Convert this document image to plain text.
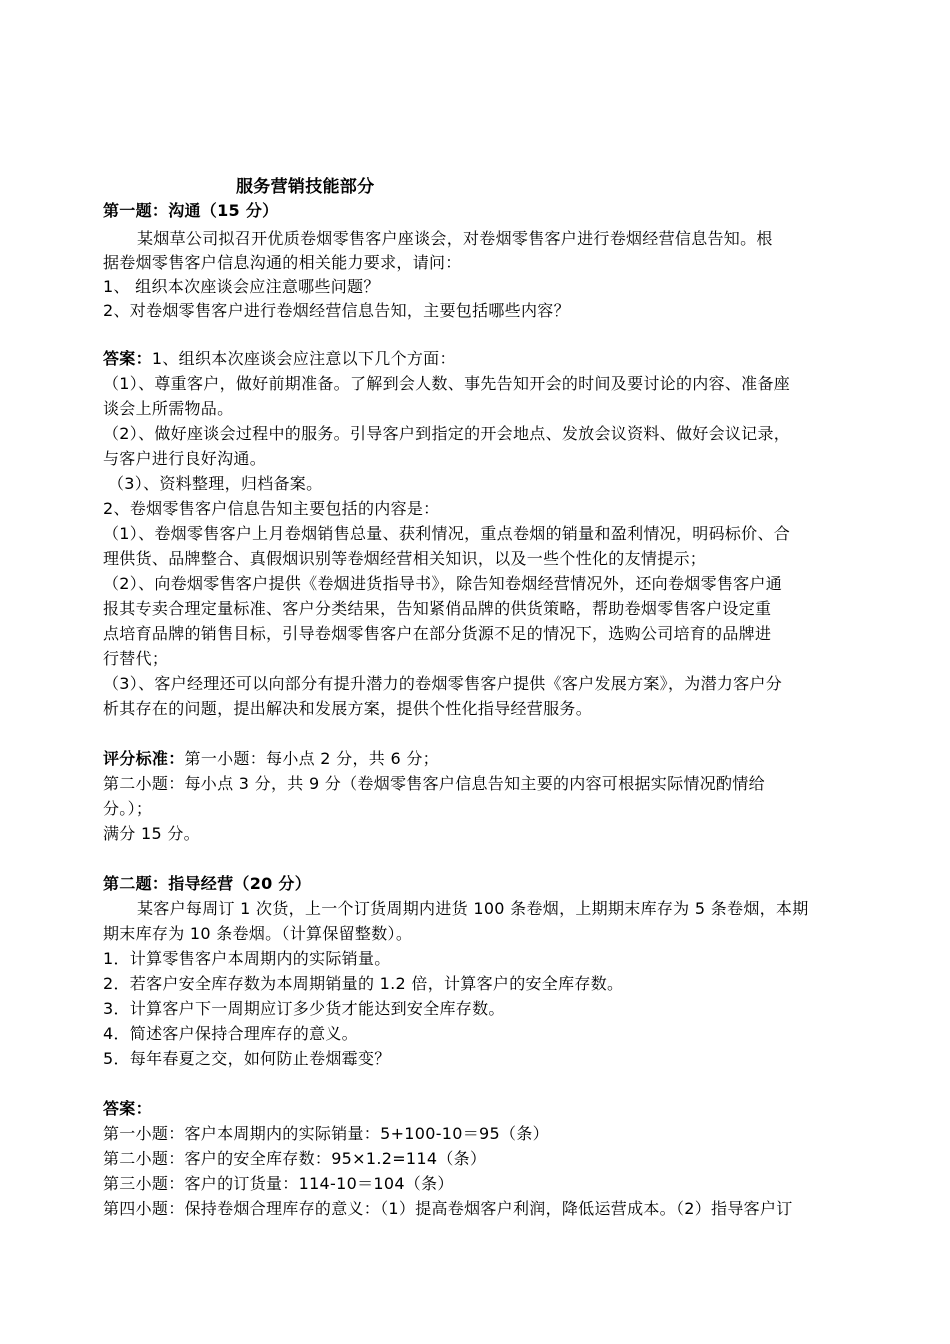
服务营销技能部分
第一题：沟通（15 分）
某烟草公司拟召开优质卷烟零售客户座谈会，对卷烟零售客户进行卷烟经营信息告知。根
据卷烟零售客户信息沟通的相关能力要求，请问：
1、 组织本次座谈会应注意哪些问题？
2、对卷烟零售客户进行卷烟经营信息告知，主要包括哪些内容？
答案：1、组织本次座谈会应注意以下几个方面：
（1）、尊重客户，做好前期准备。了解到会人数、事先告知开会的时间及要讨论的内容、准备座
谈会上所需物品。
（2）、做好座谈会过程中的服务。引导客户到指定的开会地点、发放会议资料、做好会议记录，
与客户进行良好沟通。
（3）、资料整理，归档备案。
2、卷烟零售客户信息告知主要包括的内容是：
（1）、卷烟零售客户上月卷烟销售总量、获利情况，重点卷烟的销量和盈利情况，明码标价、合
理供货、品牌整合、真假烟识别等卷烟经营相关知识，以及一些个性化的友情提示；
（2）、向卷烟零售客户提供《卷烟进货指导书》，除告知卷烟经营情况外，还向卷烟零售客户通
报其专卖合理定量标准、客户分类结果，告知紧俏品牌的供货策略，帮助卷烟零售客户设定重
点培育品牌的销售目标，引导卷烟零售客户在部分货源不足的情况下，选购公司培育的品牌进
行替代；
（3）、客户经理还可以向部分有提升潜力的卷烟零售客户提供《客户发展方案》，为潜力客户分
析其存在的问题，提出解决和发展方案，提供个性化指导经营服务。
评分标准：第一小题：每小点 2 分，共 6 分；
第二小题：每小点 3 分，共 9 分（卷烟零售客户信息告知主要的内容可根据实际情况酌情给
分。）；
满分 15 分。
第二题：指导经营（20 分）
某客户每周订 1 次货，上一个订货周期内进货 100 条卷烟，上期期末库存为 5 条卷烟，本期
期末库存为 10 条卷烟。（计算保留整数）。
1．计算零售客户本周期内的实际销量。
2．若客户安全库存数为本周期销量的 1.2 倍，计算客户的安全库存数。
3．计算客户下一周期应订多少货才能达到安全库存数。
4．简述客户保持合理库存的意义。
5．每年春夏之交，如何防止卷烟霉变？
答案：
第一小题：客户本周期内的实际销量：5+100-10＝95（条）
第二小题：客户的安全库存数：95×1.2=114（条）
第三小题：客户的订货量：114-10＝104（条）
第四小题：保持卷烟合理库存的意义：（1）提高卷烟客户利润，降低运营成本。（2）指导客户订
